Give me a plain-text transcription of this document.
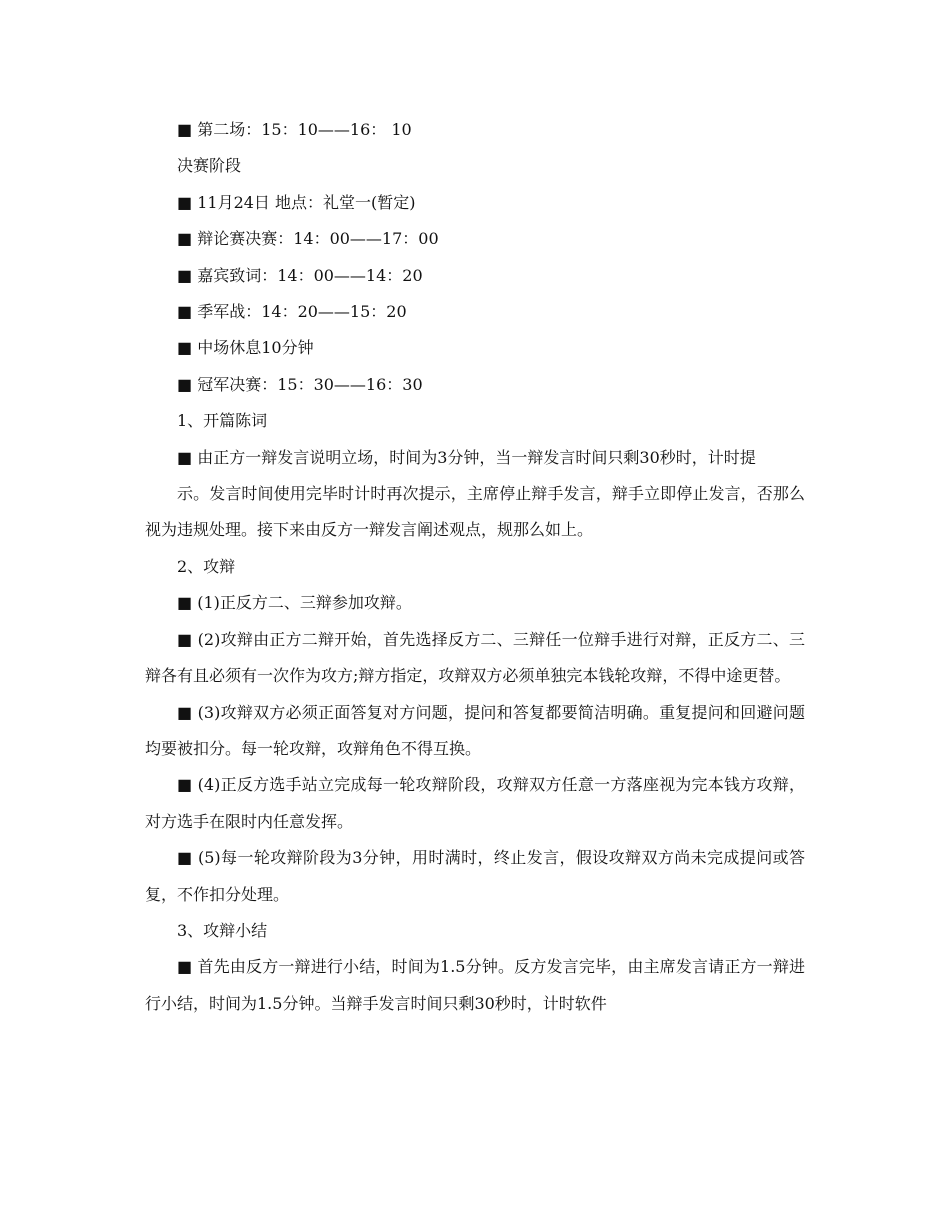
■ 第二场：15：10——16： 10

决赛阶段

■ 11月24日 地点：礼堂一(暂定)

■ 辩论赛决赛：14：00——17：00

■ 嘉宾致词：14：00——14：20

■ 季军战：14：20——15：20

■ 中场休息10分钟

■ 冠军决赛：15：30——16：30

1、开篇陈词

■ 由正方一辩发言说明立场，时间为3分钟，当一辩发言时间只剩30秒时，计时提

示。发言时间使用完毕时计时再次提示，主席停止辩手发言，辩手立即停止发言，否那么视为违规处理。接下来由反方一辩发言阐述观点，规那么如上。

2、攻辩

■ (1)正反方二、三辩参加攻辩。

■ (2)攻辩由正方二辩开始，首先选择反方二、三辩任一位辩手进行对辩，正反方二、三辩各有且必须有一次作为攻方;辩方指定，攻辩双方必须单独完本钱轮攻辩，不得中途更替。

■ (3)攻辩双方必须正面答复对方问题，提问和答复都要简洁明确。重复提问和回避问题均要被扣分。每一轮攻辩，攻辩角色不得互换。

■ (4)正反方选手站立完成每一轮攻辩阶段，攻辩双方任意一方落座视为完本钱方攻辩，对方选手在限时内任意发挥。

■ (5)每一轮攻辩阶段为3分钟，用时满时，终止发言，假设攻辩双方尚未完成提问或答复，不作扣分处理。

3、攻辩小结

■ 首先由反方一辩进行小结，时间为1.5分钟。反方发言完毕，由主席发言请正方一辩进行小结，时间为1.5分钟。当辩手发言时间只剩30秒时，计时软件
